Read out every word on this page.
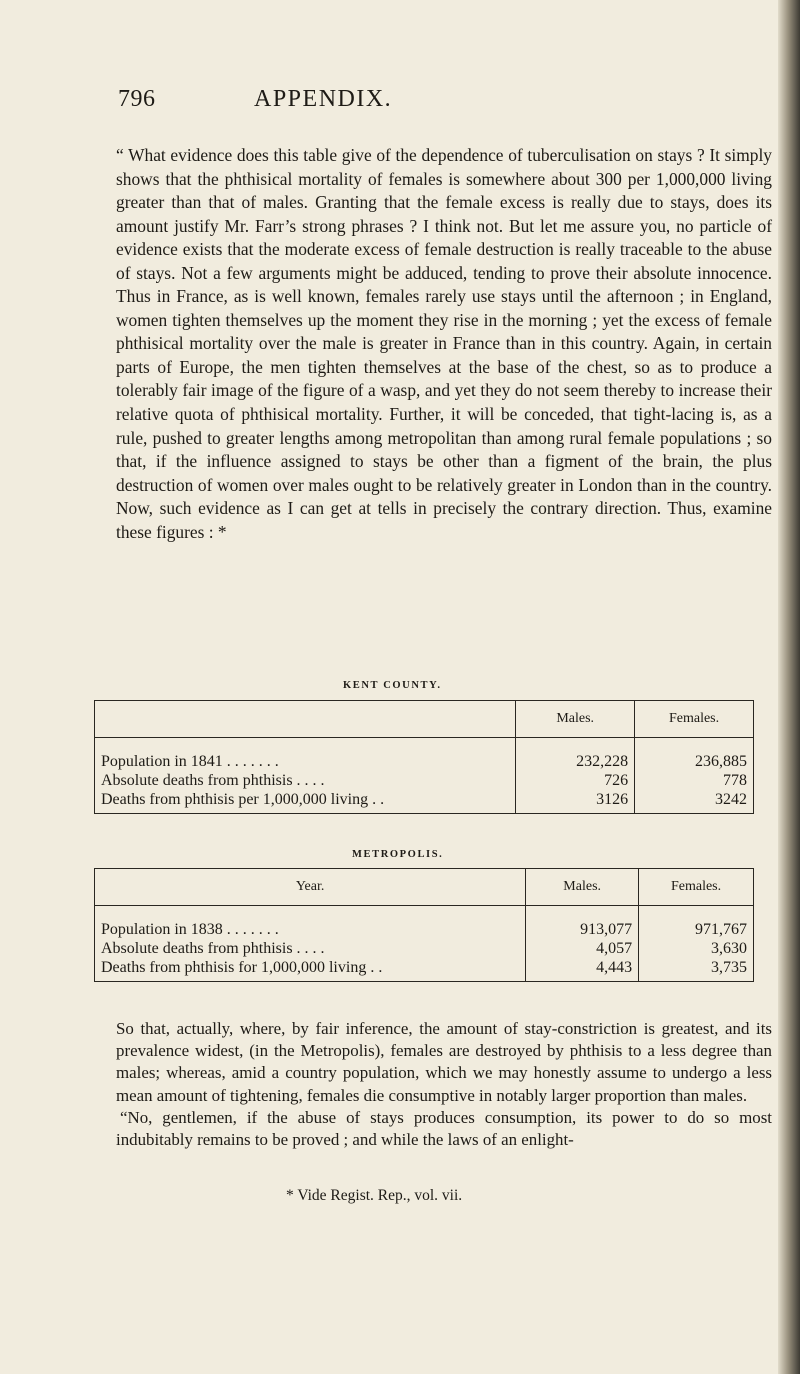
796	APPENDIX.

“ What evidence does this table give of the dependence of tuberculisation on stays ? It simply shows that the phthisical mortality of females is somewhere about 300 per 1,000,000 living greater than that of males. Granting that the female excess is really due to stays, does its amount justify Mr. Farr’s strong phrases ? I think not. But let me assure you, no particle of evidence exists that the moderate excess of female destruction is really traceable to the abuse of stays. Not a few arguments might be adduced, tending to prove their absolute innocence. Thus in France, as is well known, females rarely use stays until the afternoon ; in England, women tighten themselves up the moment they rise in the morning ; yet the excess of female phthisical mortality over the male is greater in France than in this country. Again, in certain parts of Europe, the men tighten themselves at the base of the chest, so as to produce a tolerably fair image of the figure of a wasp, and yet they do not seem thereby to increase their relative quota of phthisical mortality. Further, it will be conceded, that tight-lacing is, as a rule, pushed to greater lengths among metropolitan than among rural female populations ; so that, if the influence assigned to stays be other than a figment of the brain, the plus destruction of women over males ought to be relatively greater in London than in the country. Now, such evidence as I can get at tells in precisely the contrary direction. Thus, examine these figures : *

KENT COUNTY.
	Males.	Females.
Population in 1841 . . . . . . .	232,228	236,885
Absolute deaths from phthisis . . . .	726	778
Deaths from phthisis per 1,000,000 living . .	3126	3242
METROPOLIS.
Year.	Males.	Females.
Population in 1838 . . . . . . .	913,077	971,767
Absolute deaths from phthisis . . . .	4,057	3,630
Deaths from phthisis for 1,000,000 living . .	4,443	3,735

So that, actually, where, by fair inference, the amount of stay-constriction is greatest, and its prevalence widest, (in the Metropolis), females are destroyed by phthisis to a less degree than males; whereas, amid a country population, which we may honestly assume to undergo a less mean amount of tightening, females die consumptive in notably larger proportion than males.

“No, gentlemen, if the abuse of stays produces consumption, its power to do so most indubitably remains to be proved ; and while the laws of an enlight-

* Vide Regist. Rep., vol. vii.
